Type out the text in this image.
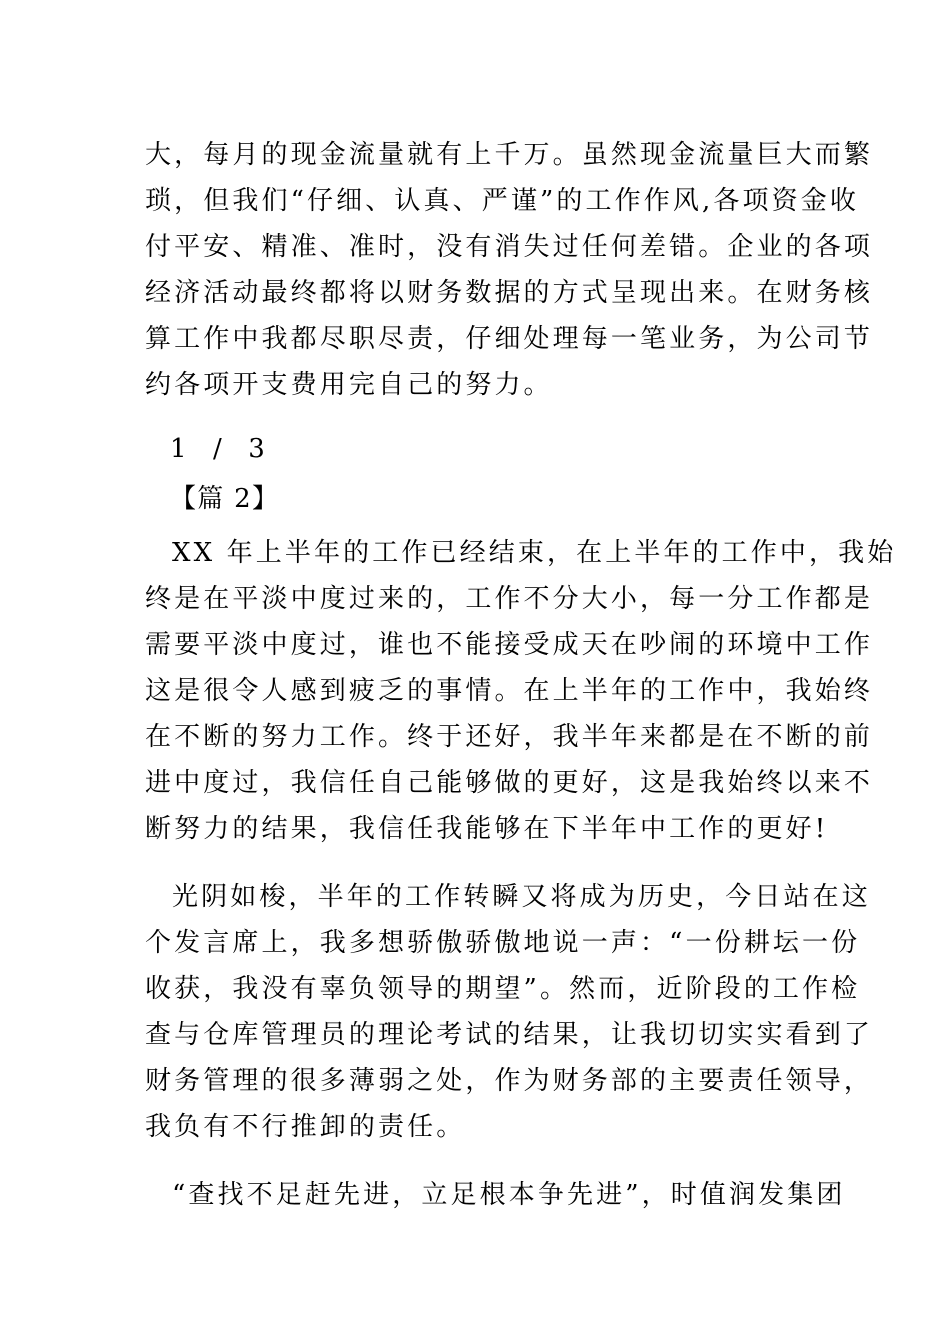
大，每月的现金流量就有上千万。虽然现金流量巨大而繁
琐，但我们“仔细、认真、严谨”的工作作风,各项资金收
付平安、精准、准时，没有消失过任何差错。企业的各项
经济活动最终都将以财务数据的方式呈现出来。在财务核
算工作中我都尽职尽责，仔细处理每一笔业务，为公司节
约各项开支费用完自己的努力。
1 / 3
【篇 2】
XX 年上半年的工作已经结束，在上半年的工作中，我始
终是在平淡中度过来的，工作不分大小，每一分工作都是
需要平淡中度过，谁也不能接受成天在吵闹的环境中工作
这是很令人感到疲乏的事情。在上半年的工作中，我始终
在不断的努力工作。终于还好，我半年来都是在不断的前
进中度过，我信任自己能够做的更好，这是我始终以来不
断努力的结果，我信任我能够在下半年中工作的更好!
光阴如梭，半年的工作转瞬又将成为历史，今日站在这
个发言席上，我多想骄傲骄傲地说一声：“一份耕坛一份
收获，我没有辜负领导的期望”。然而，近阶段的工作检
查与仓库管理员的理论考试的结果，让我切切实实看到了
财务管理的很多薄弱之处，作为财务部的主要责任领导，
我负有不行推卸的责任。
“查找不足赶先进，立足根本争先进”，时值润发集团
